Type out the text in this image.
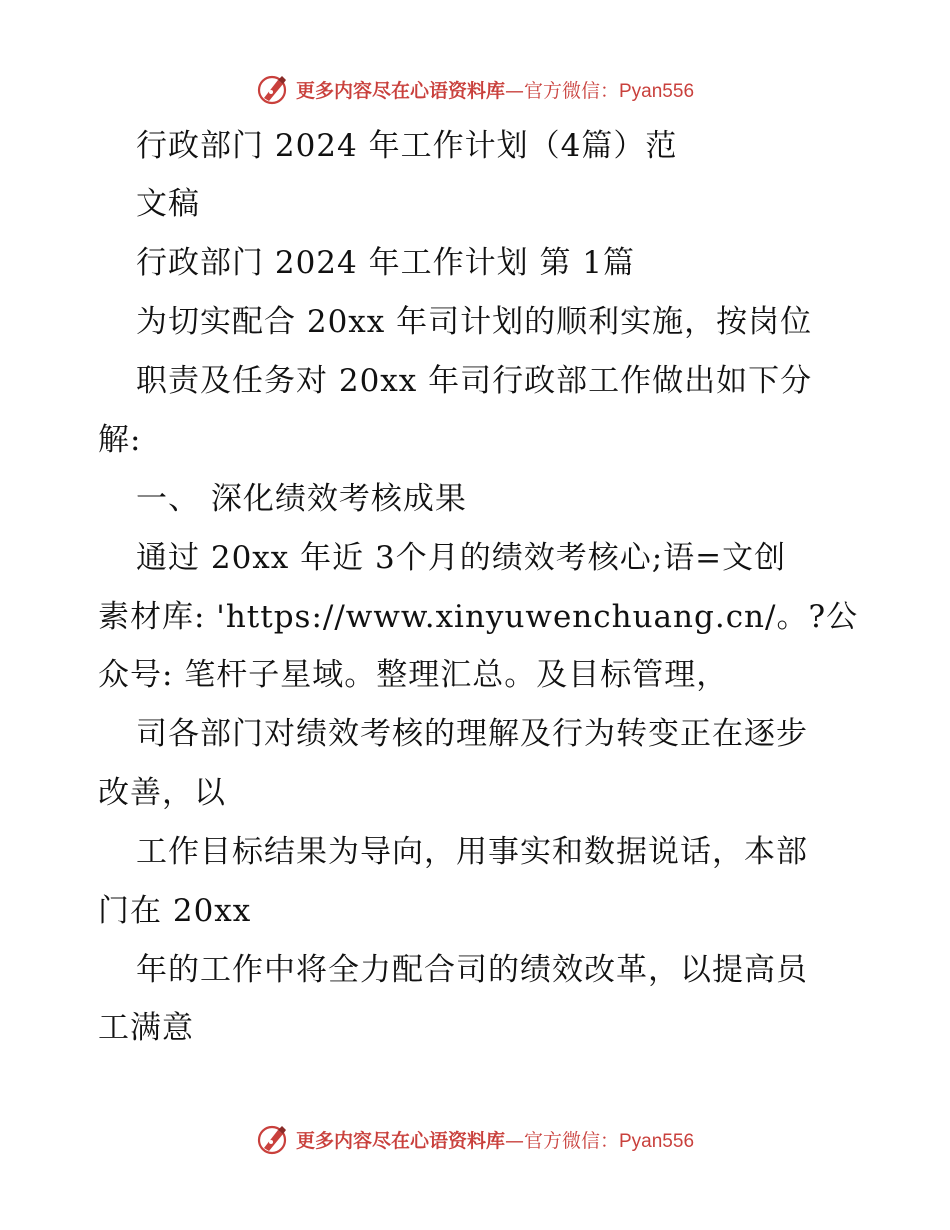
更多内容尽在心语资料库—官方微信：Pyan556
行政部门 2024 年工作计划（4篇）范
文稿
行政部门 2024 年工作计划 第 1篇
为切实配合 20xx 年司计划的顺利实施，按岗位
职责及任务对 20xx 年司行政部工作做出如下分
解:
一、 深化绩效考核成果
通过 20xx 年近 3个月的绩效考核心;语=文创
素材库: 'https://www.xinyuwenchuang.cn/。?公
众号: 笔杆子星域。整理汇总。及目标管理，
司各部门对绩效考核的理解及行为转变正在逐步
改善，以
工作目标结果为导向，用事实和数据说话，本部
门在 20xx
年的工作中将全力配合司的绩效改革，以提高员
工满意
更多内容尽在心语资料库—官方微信：Pyan556
